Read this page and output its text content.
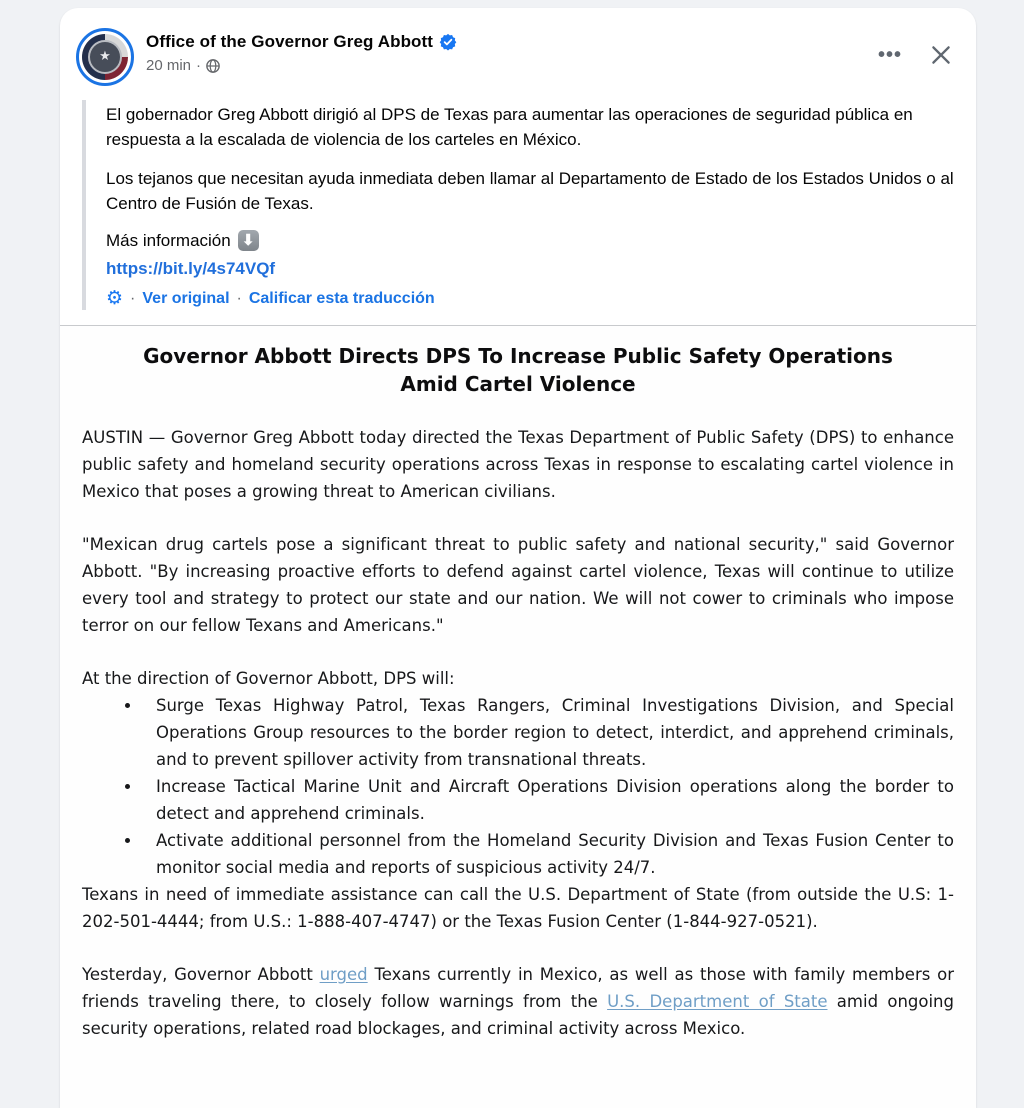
★
Office of the Governor Greg Abbott
20 min ·	•••

El gobernador Greg Abbott dirigió al DPS de Texas para aumentar las operaciones de seguridad pública en respuesta a la escalada de violencia de los carteles en México.

Los tejanos que necesitan ayuda inmediata deben llamar al Departamento de Estado de los Estados Unidos o al Centro de Fusión de Texas.

Más información ⬇
https://bit.ly/4s74VQf
⚙ · Ver original · Calificar esta traducción
Governor Abbott Directs DPS To Increase Public Safety Operations Amid Cartel Violence

AUSTIN — Governor Greg Abbott today directed the Texas Department of Public Safety (DPS) to enhance public safety and homeland security operations across Texas in response to escalating cartel violence in Mexico that poses a growing threat to American civilians.

"Mexican drug cartels pose a significant threat to public safety and national security," said Governor Abbott. "By increasing proactive efforts to defend against cartel violence, Texas will continue to utilize every tool and strategy to protect our state and our nation. We will not cower to criminals who impose terror on our fellow Texans and Americans."

At the direction of Governor Abbott, DPS will:

• Surge Texas Highway Patrol, Texas Rangers, Criminal Investigations Division, and Special Operations Group resources to the border region to detect, interdict, and apprehend criminals, and to prevent spillover activity from transnational threats.
• Increase Tactical Marine Unit and Aircraft Operations Division operations along the border to detect and apprehend criminals.
• Activate additional personnel from the Homeland Security Division and Texas Fusion Center to monitor social media and reports of suspicious activity 24/7.

Texans in need of immediate assistance can call the U.S. Department of State (from outside the U.S: 1-202-501-4444; from U.S.: 1-888-407-4747) or the Texas Fusion Center (1-844-927-0521).

Yesterday, Governor Abbott urged Texans currently in Mexico, as well as those with family members or friends traveling there, to closely follow warnings from the U.S. Department of State amid ongoing security operations, related road blockages, and criminal activity across Mexico.
